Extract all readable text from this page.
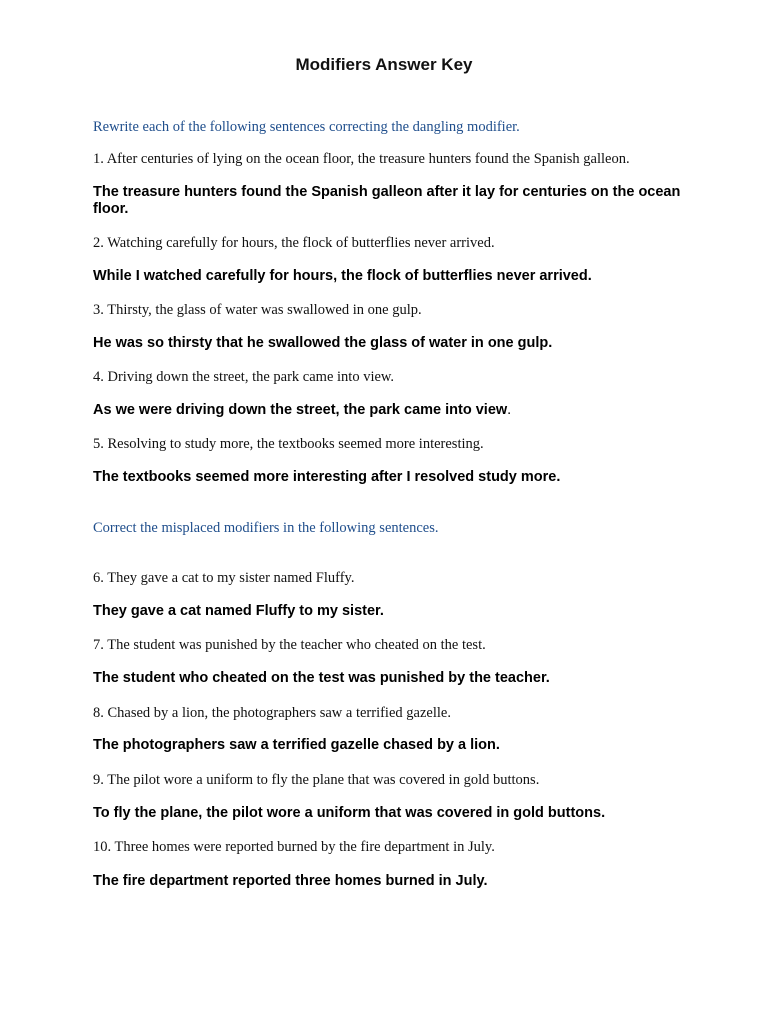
Modifiers Answer Key

Rewrite each of the following sentences correcting the dangling modifier.

1. After centuries of lying on the ocean floor, the treasure hunters found the Spanish galleon.

The treasure hunters found the Spanish galleon after it lay for centuries on the ocean floor.

2. Watching carefully for hours, the flock of butterflies never arrived.

While I watched carefully for hours, the flock of butterflies never arrived.

3. Thirsty, the glass of water was swallowed in one gulp.

He was so thirsty that he swallowed the glass of water in one gulp.

4. Driving down the street, the park came into view.

As we were driving down the street, the park came into view.

5. Resolving to study more, the textbooks seemed more interesting.

The textbooks seemed more interesting after I resolved study more.

Correct the misplaced modifiers in the following sentences.

6. They gave a cat to my sister named Fluffy.

They gave a cat named Fluffy to my sister.

7. The student was punished by the teacher who cheated on the test.

The student who cheated on the test was punished by the teacher.

8. Chased by a lion, the photographers saw a terrified gazelle.

The photographers saw a terrified gazelle chased by a lion.

9. The pilot wore a uniform to fly the plane that was covered in gold buttons.

To fly the plane, the pilot wore a uniform that was covered in gold buttons.

10. Three homes were reported burned by the fire department in July.

The fire department reported three homes burned in July.
